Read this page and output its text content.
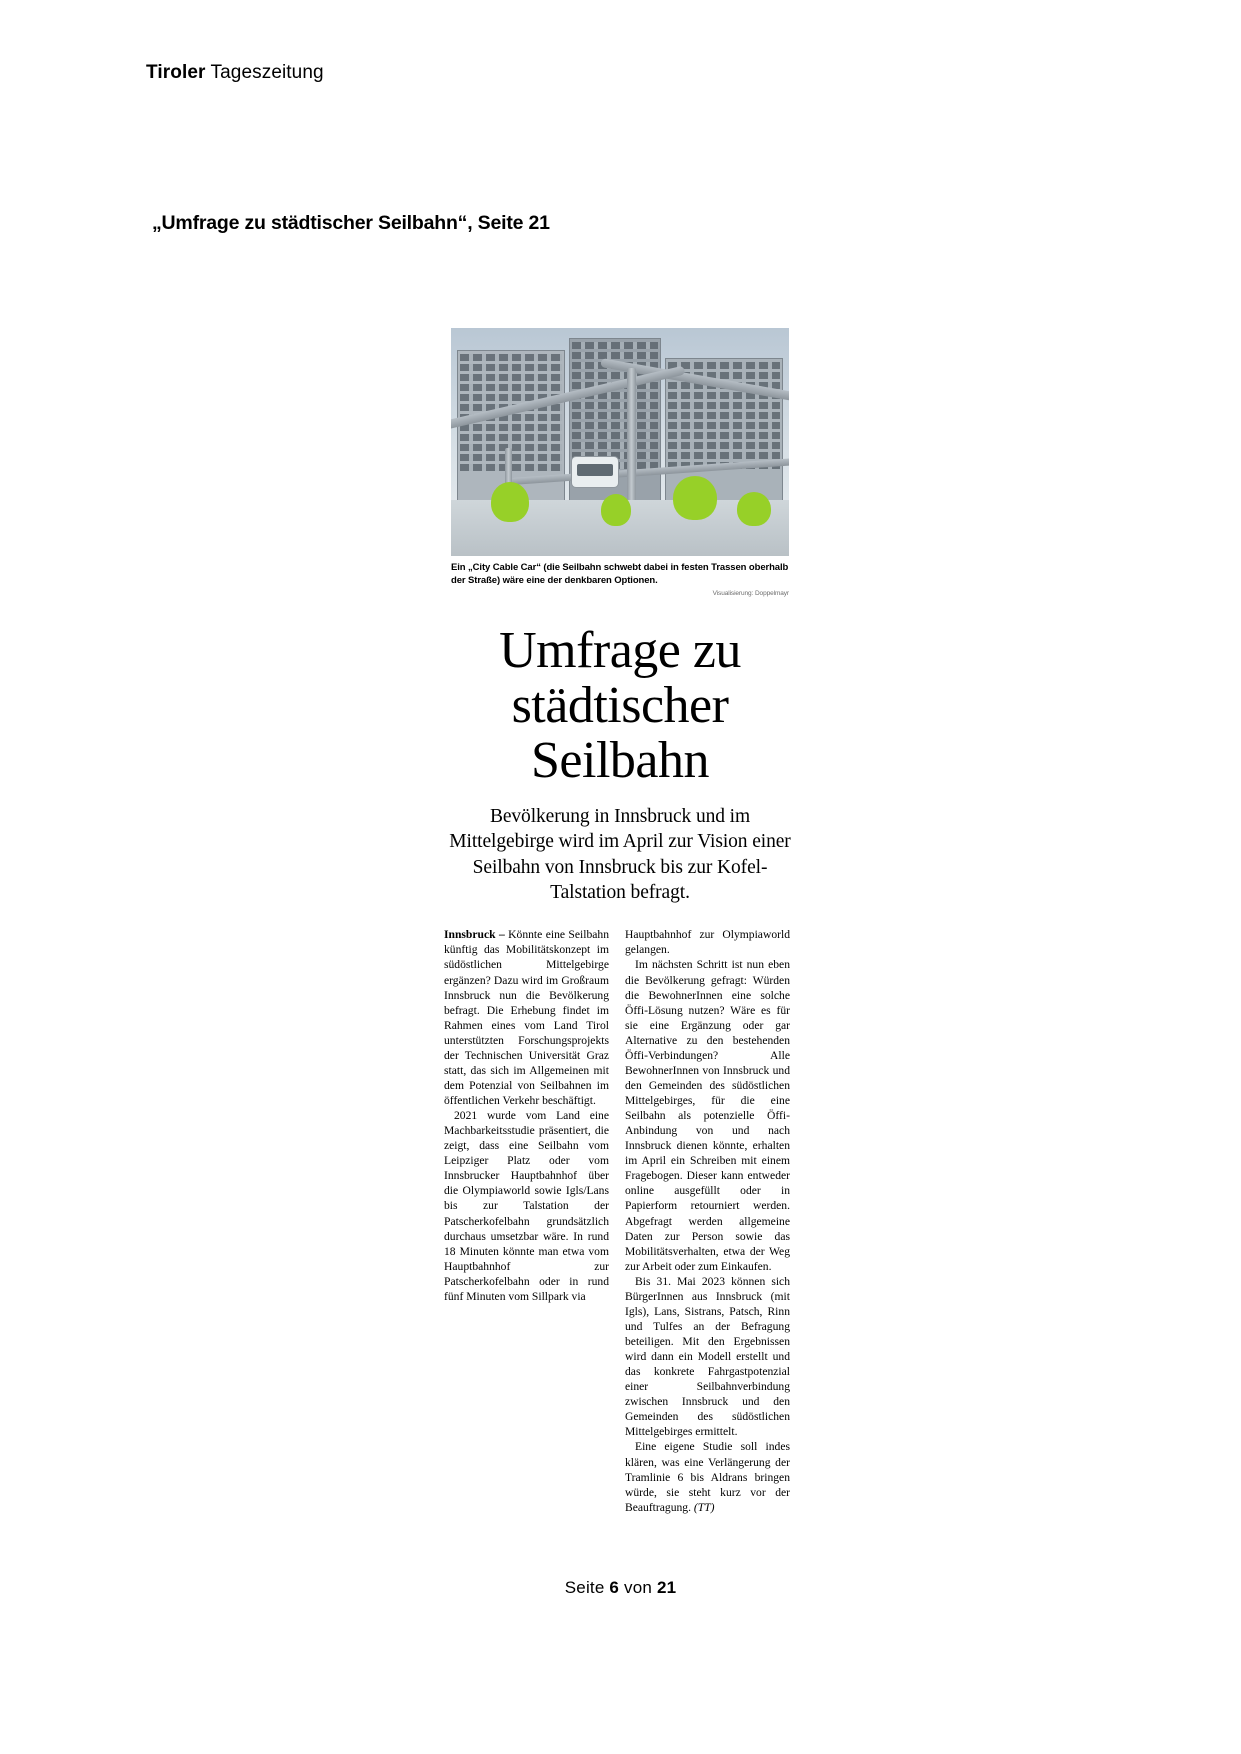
Tiroler Tageszeitung
„Umfrage zu städtischer Seilbahn“, Seite 21
Ein „City Cable Car“ (die Seilbahn schwebt dabei in festen Trassen oberhalb der Straße) wäre eine der denkbaren Optionen.
Visualisierung: Doppelmayr
Umfrage zu städtischer Seilbahn
Bevölkerung in Innsbruck und im Mittelgebirge wird im April zur Vision einer Seilbahn von Innsbruck bis zur Kofel-Talstation befragt.

Innsbruck – Könnte eine Seilbahn künftig das Mobilitätskonzept im südöstlichen Mittelgebirge ergänzen? Dazu wird im Großraum Innsbruck nun die Bevölkerung befragt. Die Erhebung findet im Rahmen eines vom Land Tirol unterstützten Forschungsprojekts der Technischen Universität Graz statt, das sich im Allgemeinen mit dem Potenzial von Seilbahnen im öffentlichen Verkehr beschäftigt.

2021 wurde vom Land eine Machbarkeitsstudie präsentiert, die zeigt, dass eine Seilbahn vom Leipziger Platz oder vom Innsbrucker Hauptbahnhof über die Olympiaworld sowie Igls/Lans bis zur Talstation der Patscherkofelbahn grundsätzlich durchaus umsetzbar wäre. In rund 18 Minuten könnte man etwa vom Hauptbahnhof zur Patscherkofelbahn oder in rund fünf Minuten vom Sillpark via

Hauptbahnhof zur Olympiaworld gelangen.

Im nächsten Schritt ist nun eben die Bevölkerung gefragt: Würden die BewohnerInnen eine solche Öffi-Lösung nutzen? Wäre es für sie eine Ergänzung oder gar Alternative zu den bestehenden Öffi-Verbindungen? Alle BewohnerInnen von Innsbruck und den Gemeinden des südöstlichen Mittelgebirges, für die eine Seilbahn als potenzielle Öffi-Anbindung von und nach Innsbruck dienen könnte, erhalten im April ein Schreiben mit einem Fragebogen. Dieser kann entweder online ausgefüllt oder in Papierform retourniert werden. Abgefragt werden allgemeine Daten zur Person sowie das Mobilitätsverhalten, etwa der Weg zur Arbeit oder zum Einkaufen.

Bis 31. Mai 2023 können sich BürgerInnen aus Innsbruck (mit Igls), Lans, Sistrans, Patsch, Rinn und Tulfes an der Befragung beteiligen. Mit den Ergebnissen wird dann ein Modell erstellt und das konkrete Fahrgastpotenzial einer Seilbahnverbindung zwischen Innsbruck und den Gemeinden des südöstlichen Mittelgebirges ermittelt.

Eine eigene Studie soll indes klären, was eine Verlängerung der Tramlinie 6 bis Aldrans bringen würde, sie steht kurz vor der Beauftragung. (TT)

Seite 6 von 21
